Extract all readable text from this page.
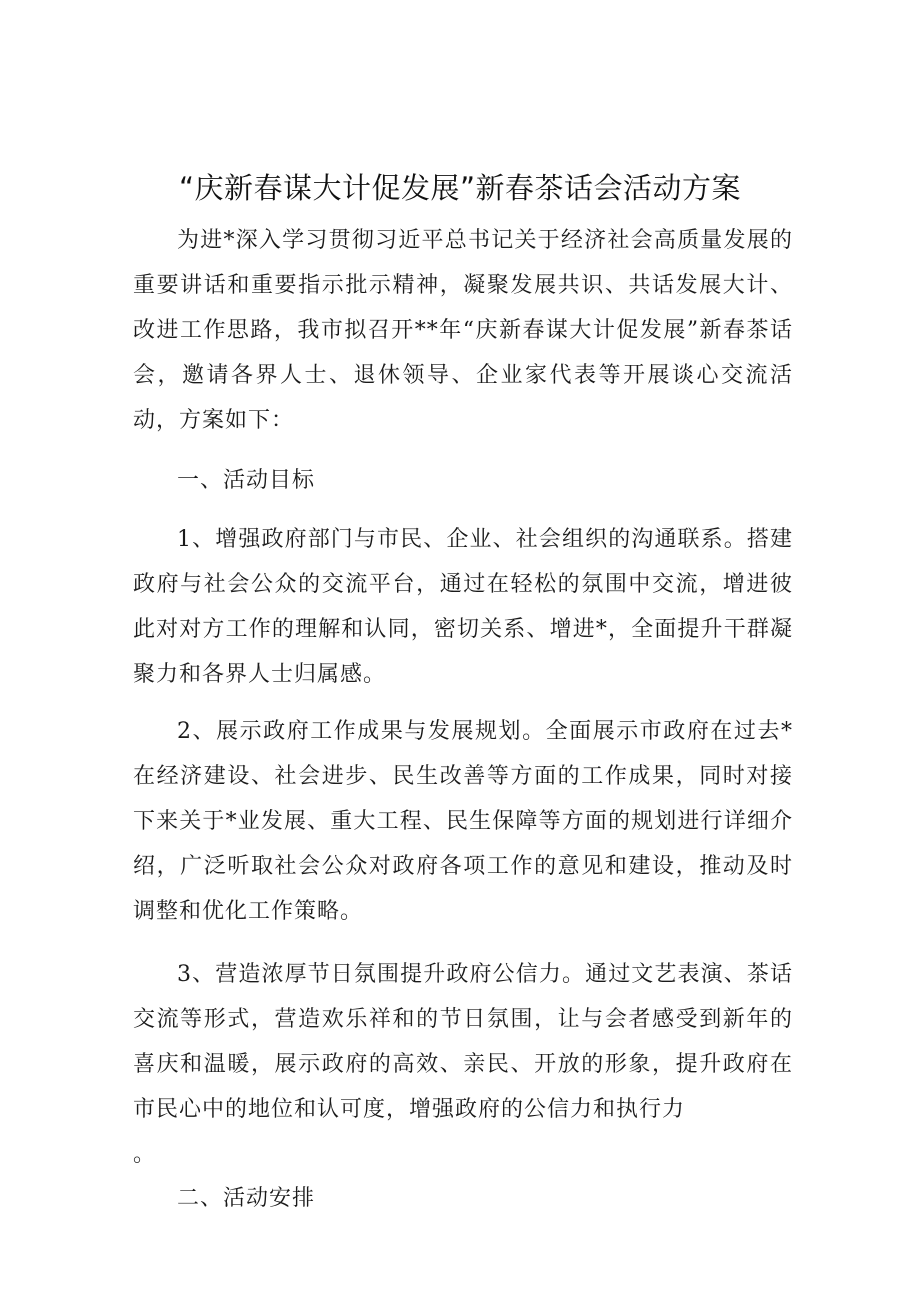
“庆新春谋大计促发展”新春茶话会活动方案

为进*深入学习贯彻习近平总书记关于经济社会高质量发展的重要讲话和重要指示批示精神，凝聚发展共识、共话发展大计、改进工作思路，我市拟召开**年“庆新春谋大计促发展”新春茶话会，邀请各界人士、退休领导、企业家代表等开展谈心交流活动，方案如下：

一、活动目标

1、增强政府部门与市民、企业、社会组织的沟通联系。搭建政府与社会公众的交流平台，通过在轻松的氛围中交流，增进彼此对对方工作的理解和认同，密切关系、增进*，全面提升干群凝聚力和各界人士归属感。

2、展示政府工作成果与发展规划。全面展示市政府在过去*在经济建设、社会进步、民生改善等方面的工作成果，同时对接下来关于*业发展、重大工程、民生保障等方面的规划进行详细介绍，广泛听取社会公众对政府各项工作的意见和建设，推动及时调整和优化工作策略。

3、营造浓厚节日氛围提升政府公信力。通过文艺表演、茶话交流等形式，营造欢乐祥和的节日氛围，让与会者感受到新年的喜庆和温暖，展示政府的高效、亲民、开放的形象，提升政府在市民心中的地位和认可度，增强政府的公信力和执行力。

二、活动安排
